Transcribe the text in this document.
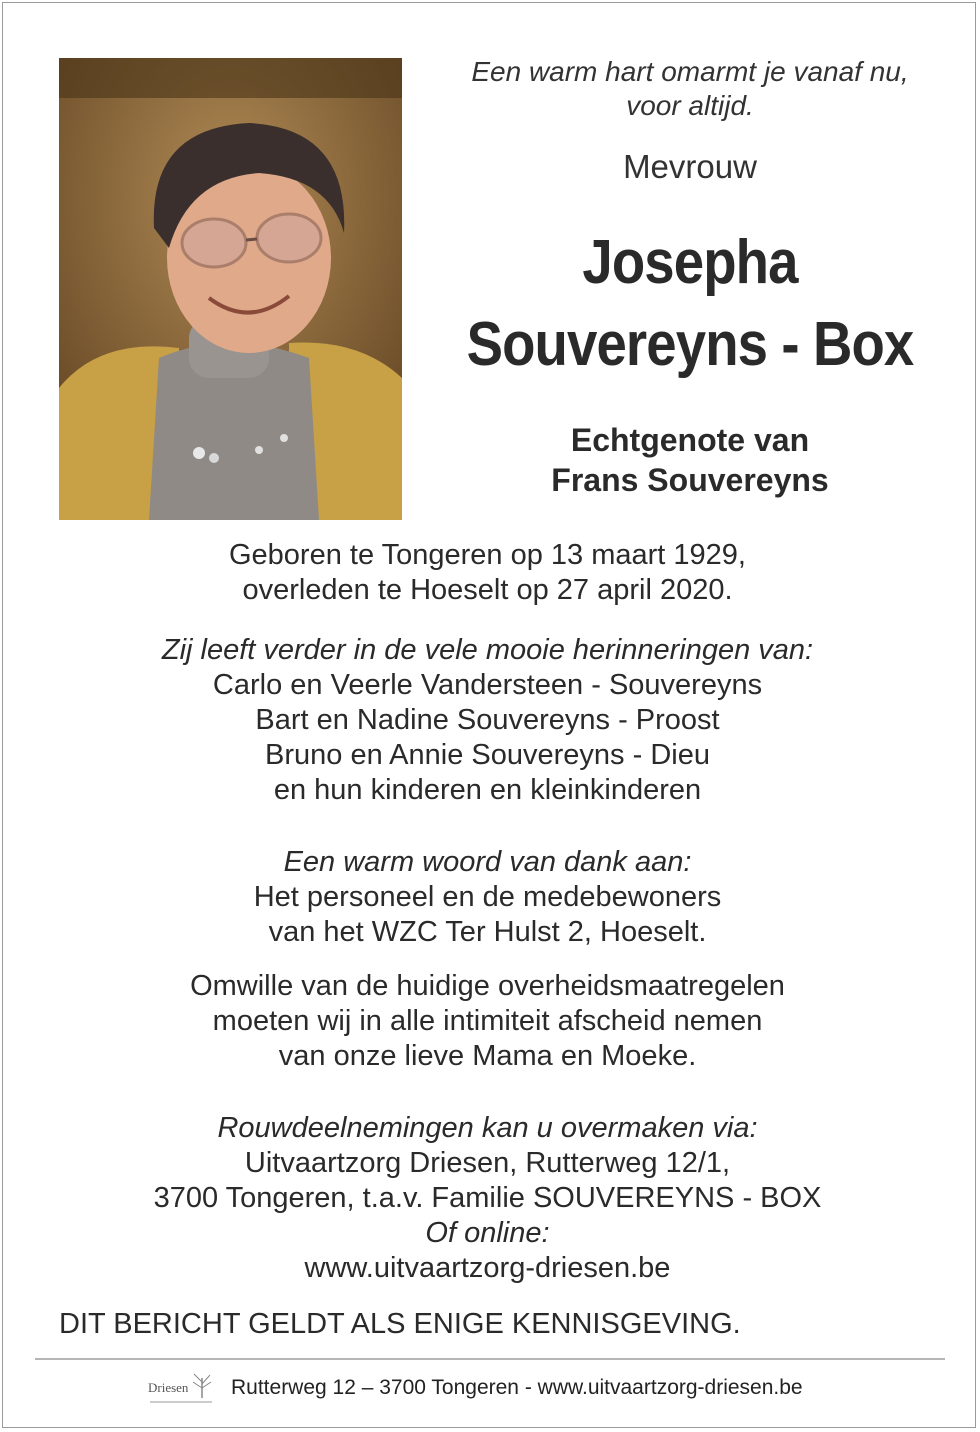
Een warm hart omarmt je vanaf nu,
voor altijd.
Mevrouw
Josepha
Souvereyns - Box
Echtgenote van
Frans Souvereyns
Geboren te Tongeren op 13 maart 1929,
overleden te Hoeselt op 27 april 2020.
Zij leeft verder in de vele mooie herinneringen van:
Carlo en Veerle Vandersteen - Souvereyns
Bart en Nadine Souvereyns - Proost
Bruno en Annie Souvereyns - Dieu
en hun kinderen en kleinkinderen
Een warm woord van dank aan:
Het personeel en de medebewoners
van het WZC Ter Hulst 2, Hoeselt.
Omwille van de huidige overheidsmaatregelen
moeten wij in alle intimiteit afscheid nemen
van onze lieve Mama en Moeke.
Rouwdeelnemingen kan u overmaken via:
Uitvaartzorg Driesen, Rutterweg 12/1,
3700 Tongeren, t.a.v. Familie SOUVEREYNS - BOX
Of online:
www.uitvaartzorg-driesen.be
DIT BERICHT GELDT ALS ENIGE KENNISGEVING.
Driesen Rutterweg 12 – 3700 Tongeren - www.uitvaartzorg-driesen.be
